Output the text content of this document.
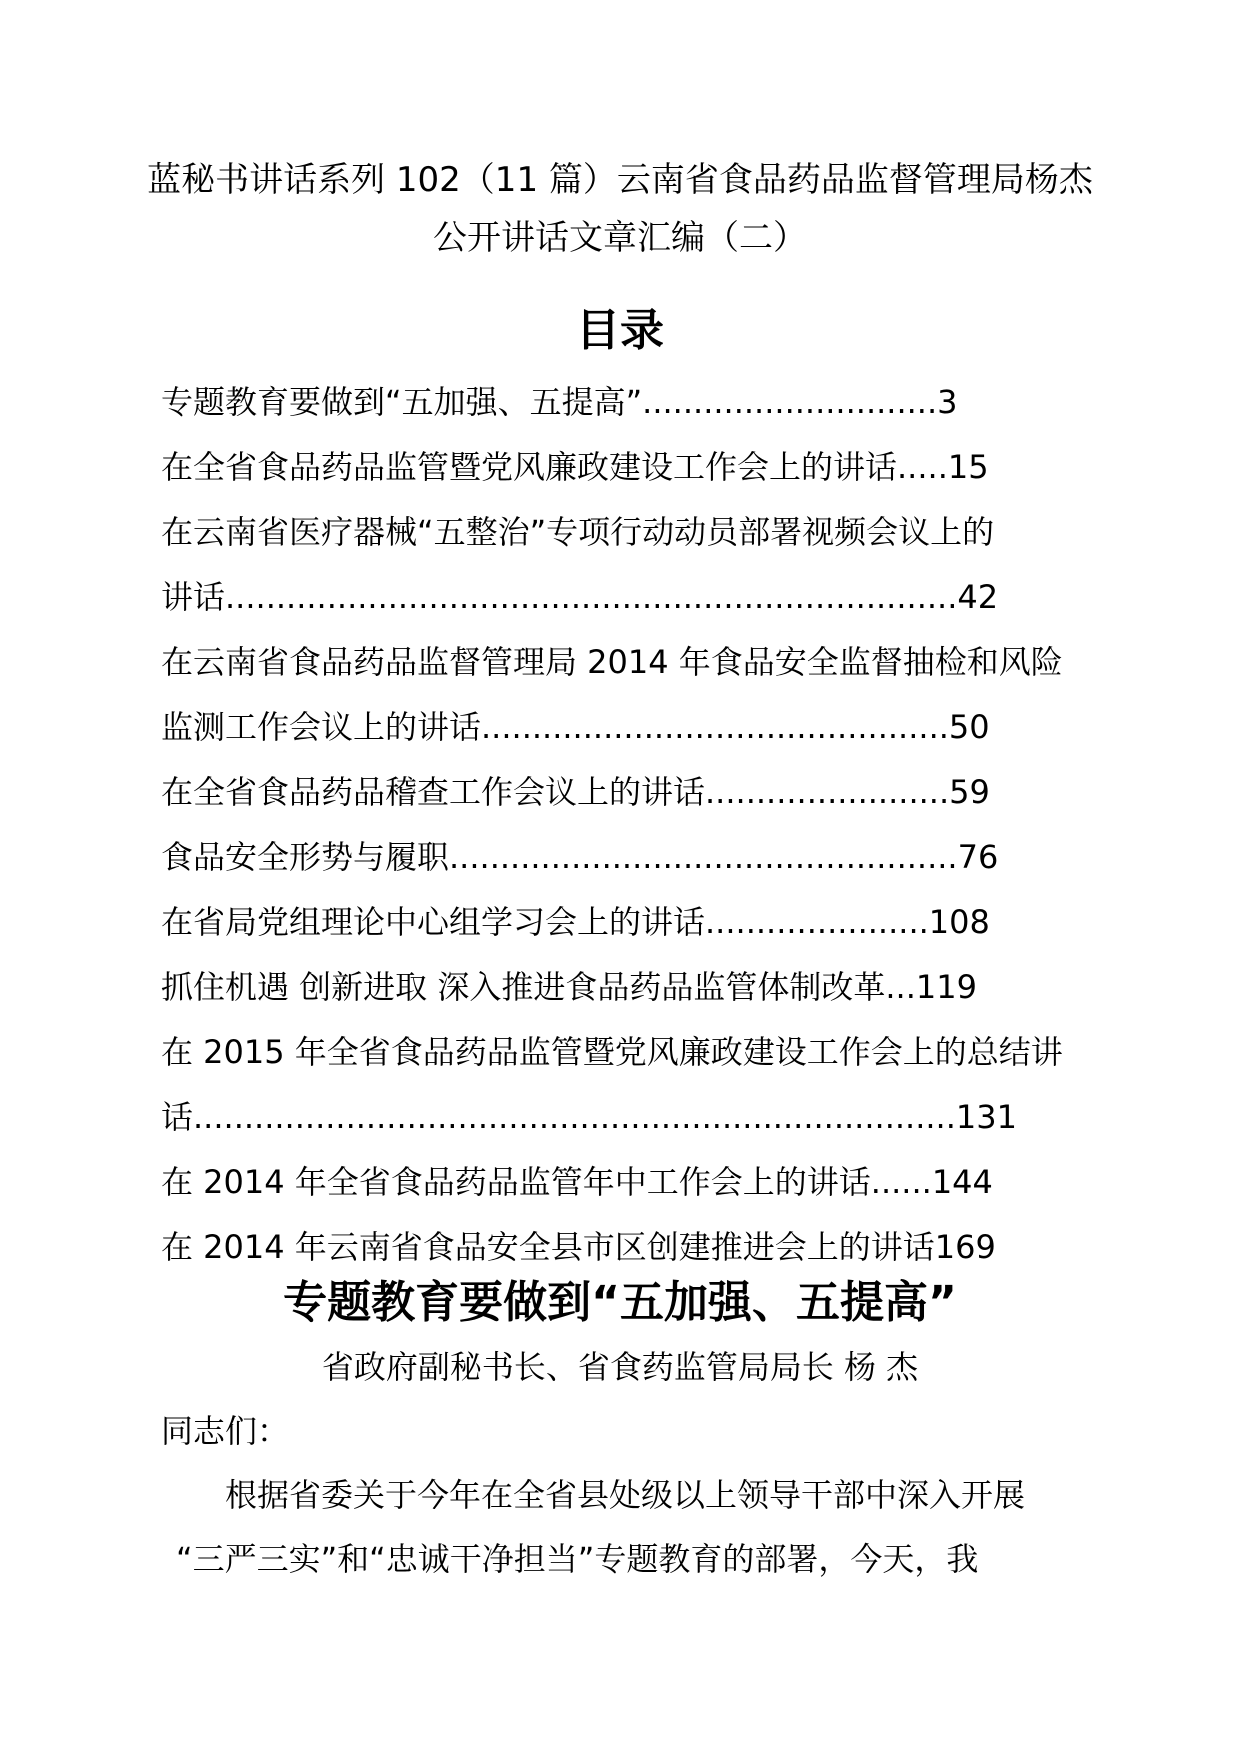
蓝秘书讲话系列 102（11 篇）云南省食品药品监督管理局杨杰
公开讲话文章汇编（二）
目录
专题教育要做到“五加强、五提高”.............................3
在全省食品药品监管暨党风廉政建设工作会上的讲话.....15
在云南省医疗器械“五整治”专项行动动员部署视频会议上的
讲话........................................................................42
在云南省食品药品监督管理局 2014 年食品安全监督抽检和风险
监测工作会议上的讲话..............................................50
在全省食品药品稽查工作会议上的讲话........................59
食品安全形势与履职..................................................76
在省局党组理论中心组学习会上的讲话......................108
抓住机遇 创新进取 深入推进食品药品监管体制改革...119
在 2015 年全省食品药品监管暨党风廉政建设工作会上的总结讲
话...........................................................................131
在 2014 年全省食品药品监管年中工作会上的讲话......144
在 2014 年云南省食品安全县市区创建推进会上的讲话169
专题教育要做到“五加强、五提高”
省政府副秘书长、省食药监管局局长 杨 杰
同志们：
根据省委关于今年在全省县处级以上领导干部中深入开展
“三严三实”和“忠诚干净担当”专题教育的部署，今天，我
